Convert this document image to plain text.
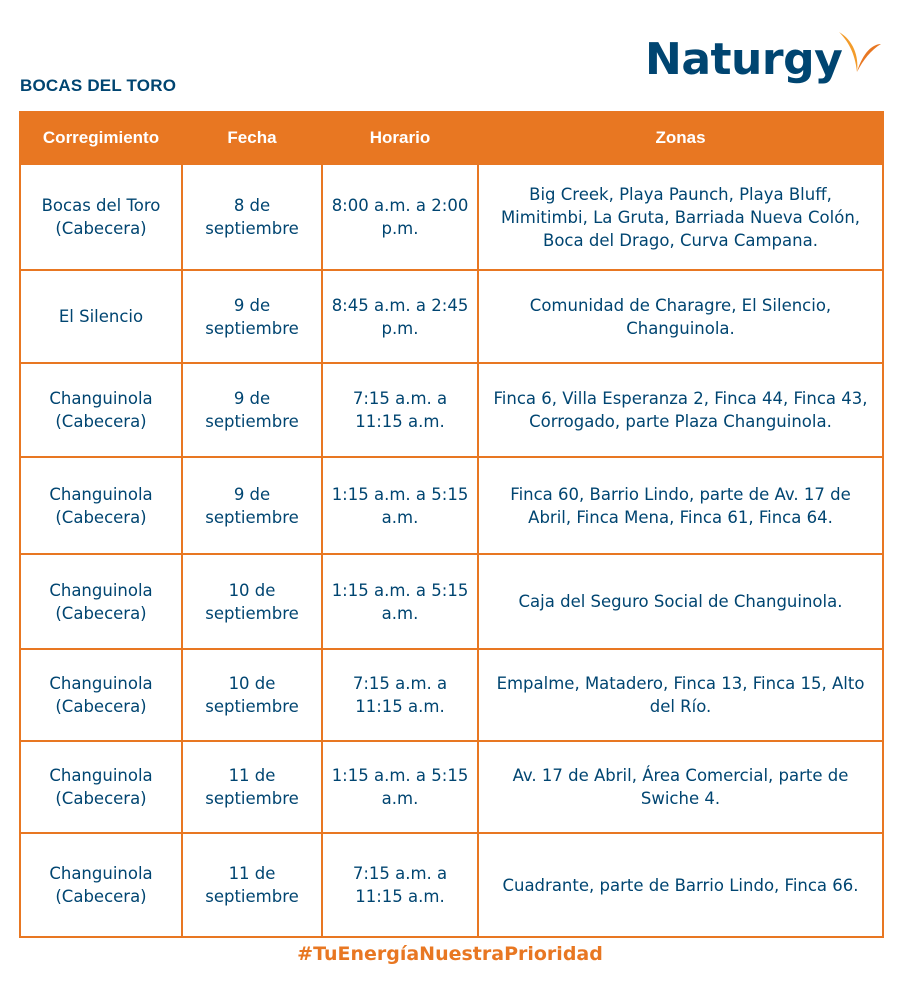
BOCAS DEL TORO
Naturgy
Corregimiento	Fecha	Horario	Zonas
Bocas del Toro (Cabecera)	8 de septiembre	8:00 a.m. a 2:00 p.m.	Big Creek, Playa Paunch, Playa Bluff, Mimitimbi, La Gruta, Barriada Nueva Colón, Boca del Drago, Curva Campana.
El Silencio	9 de septiembre	8:45 a.m. a 2:45 p.m.	Comunidad de Charagre, El Silencio, Changuinola.
Changuinola (Cabecera)	9 de septiembre	7:15 a.m. a 11:15 a.m.	Finca 6, Villa Esperanza 2, Finca 44, Finca 43, Corrogado, parte Plaza Changuinola.
Changuinola (Cabecera)	9 de septiembre	1:15 a.m. a 5:15 a.m.	Finca 60, Barrio Lindo, parte de Av. 17 de Abril, Finca Mena, Finca 61, Finca 64.
Changuinola (Cabecera)	10 de septiembre	1:15 a.m. a 5:15 a.m.	Caja del Seguro Social de Changuinola.
Changuinola (Cabecera)	10 de septiembre	7:15 a.m. a 11:15 a.m.	Empalme, Matadero, Finca 13, Finca 15, Alto del Río.
Changuinola (Cabecera)	11 de septiembre	1:15 a.m. a 5:15 a.m.	Av. 17 de Abril, Área Comercial, parte de Swiche 4.
Changuinola (Cabecera)	11 de septiembre	7:15 a.m. a 11:15 a.m.	Cuadrante, parte de Barrio Lindo, Finca 66.
#TuEnergíaNuestraPrioridad
